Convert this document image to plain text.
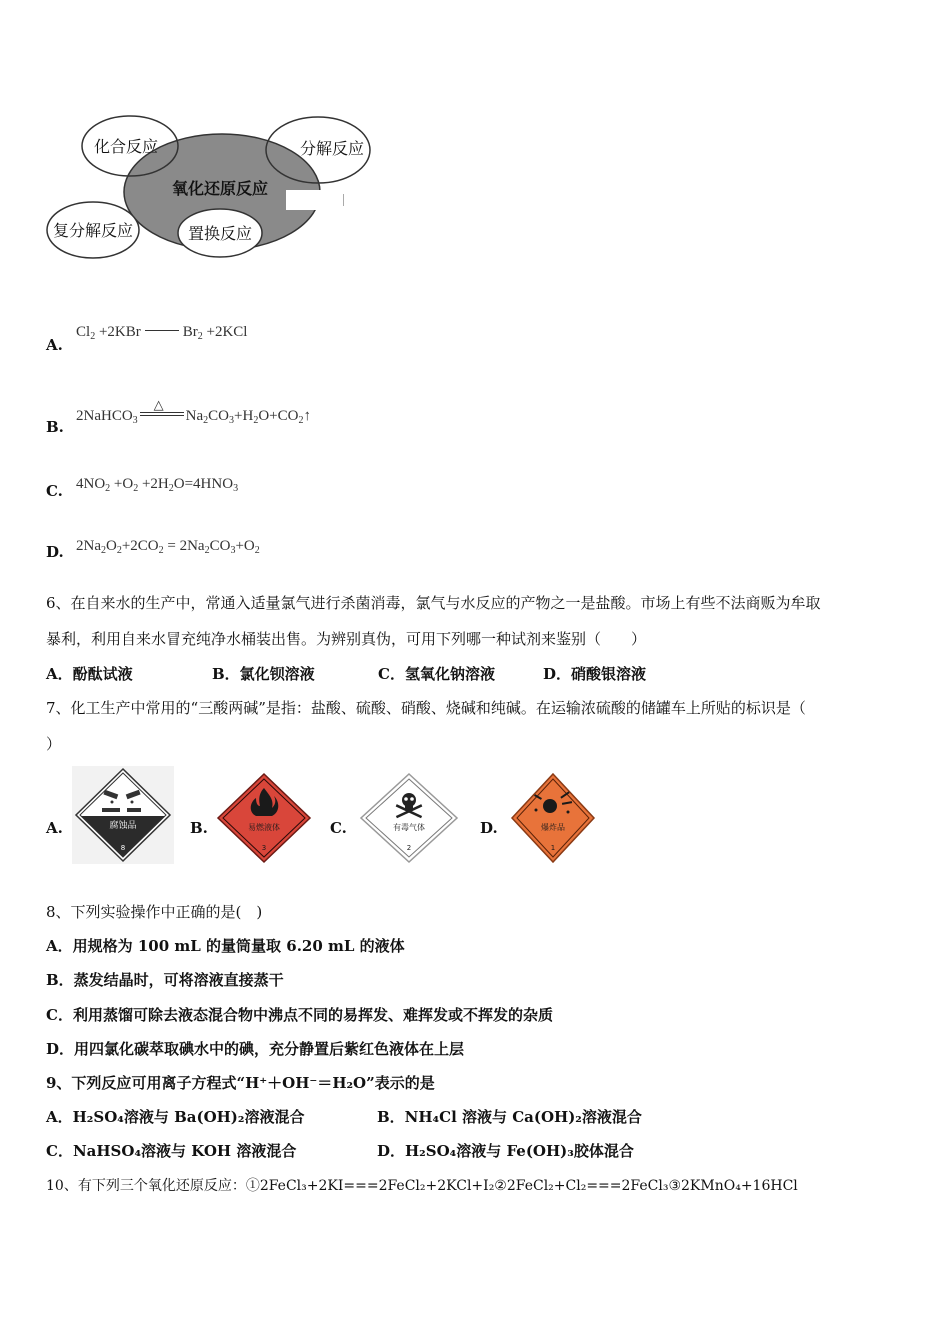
化合反应	分解反应
氧化还原反应
复分解反应	置换反应
A.
$Cl_2 +2KBr$	$Br_2 +2KCl$
B.
2NaHCO$_3$
△
$Na_2CO_3+H_2O+CO_2↑$
C. $4NO_2 +O_2 +2H_2O=4HNO_3$
D. $2Na_2O_2+2CO_2 = 2Na_2CO_3+O_2$
6、在自来水的生产中，常通入适量氯气进行杀菌消毒，氯气与水反应的产物之一是盐酸。市场上有些不法商贩为牟取
暴利，利用自来水冒充纯净水桶装出售。为辨别真伪，可用下列哪一种试剂来鉴别（　　）
A．酚酞试液	B．氯化钡溶液	C．氢氧化钠溶液	D．硝酸银溶液
7、化工生产中常用的“三酸两碱”是指：盐酸、硫酸、硝酸、烧碱和纯碱。在运输浓硫酸的储罐车上所贴的标识是（
）
A.	腐蚀品
8
B.	易燃液体
3
C.	有毒气体
2
D.	爆炸品
1
8、下列实验操作中正确的是(　)
A．用规格为 100 mL 的量筒量取 6.20 mL 的液体
B．蒸发结晶时，可将溶液直接蒸干
C．利用蒸馏可除去液态混合物中沸点不同的易挥发、难挥发或不挥发的杂质
D．用四氯化碳萃取碘水中的碘，充分静置后紫红色液体在上层
9、下列反应可用离子方程式“H⁺＋OH⁻＝H₂O”表示的是
A．H₂SO₄溶液与 Ba(OH)₂溶液混合	B．NH₄Cl 溶液与 Ca(OH)₂溶液混合
C．NaHSO₄溶液与 KOH 溶液混合	D．H₂SO₄溶液与 Fe(OH)₃胶体混合
10、有下列三个氧化还原反应：①2FeCl₃+2KI===2FeCl₂+2KCl+I₂②2FeCl₂+Cl₂===2FeCl₃③2KMnO₄+16HCl
